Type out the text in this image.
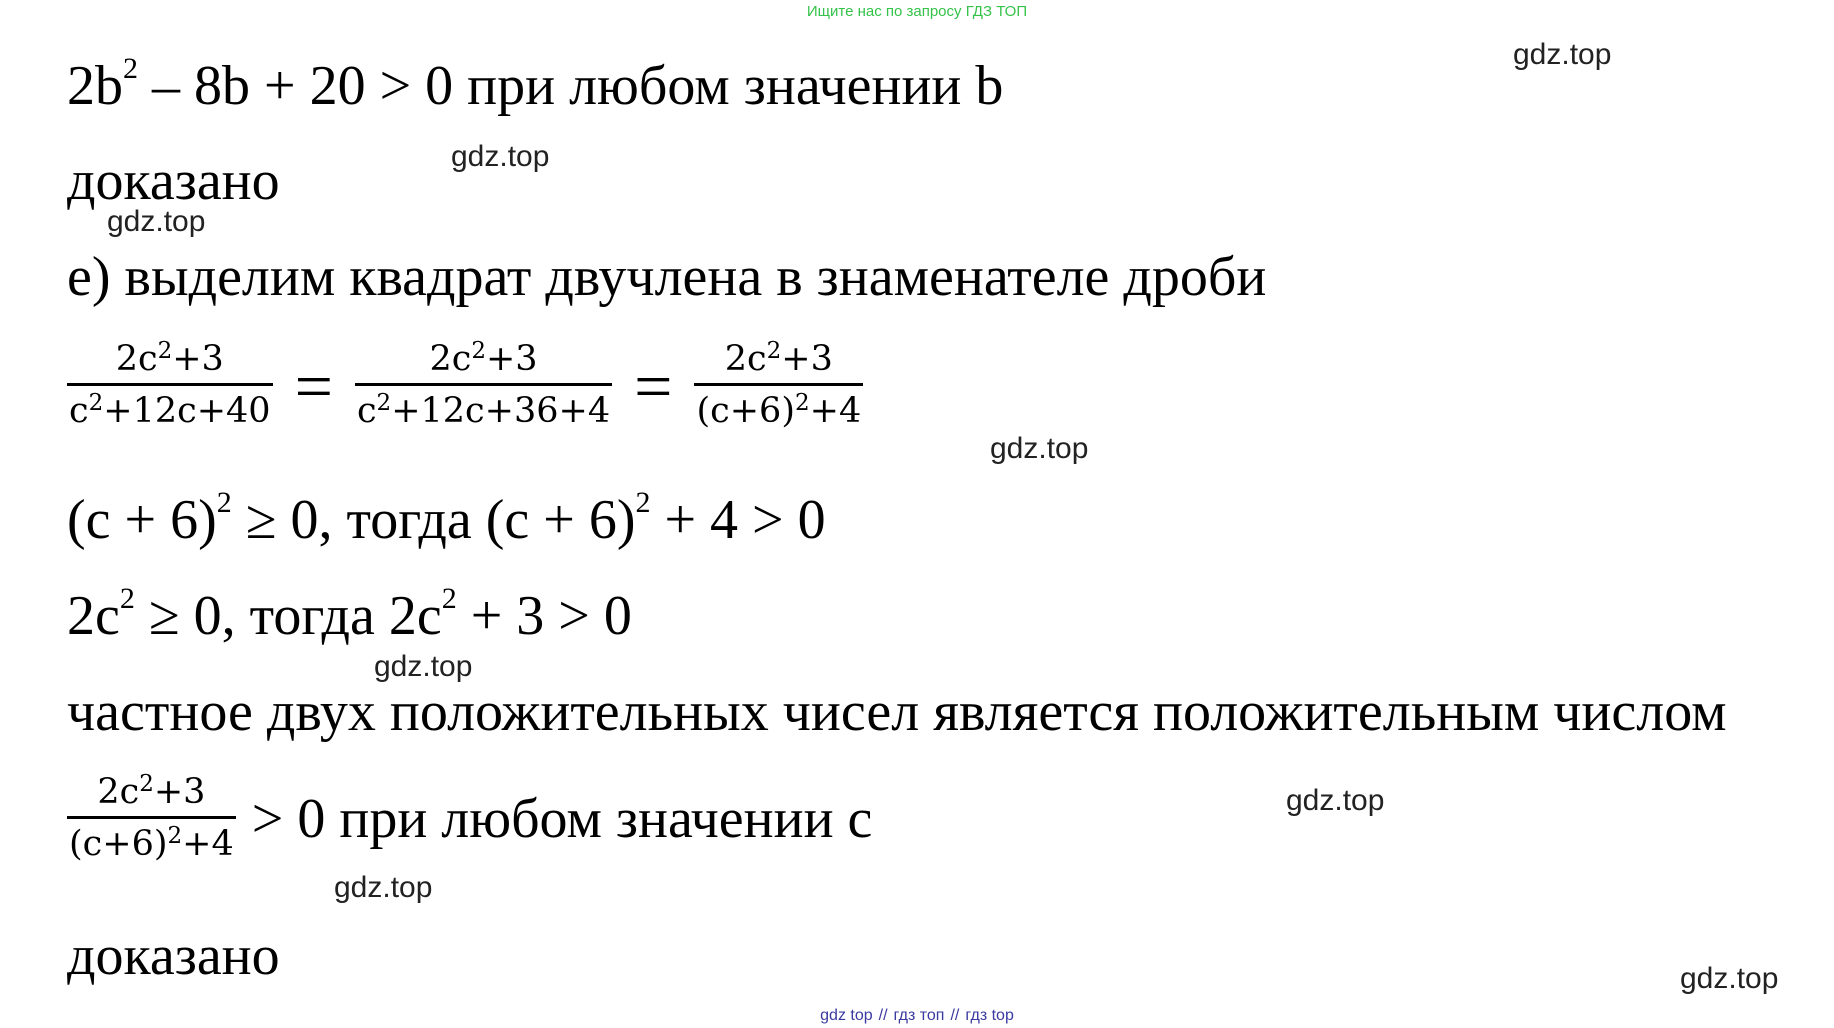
Ищите нас по запросу ГДЗ ТОП
$2b^2 - 8b + 20 > 0$ при любом значении b
доказано
е) выделим квадрат двучлена в знаменателе дроби
$\frac{2c^2+3}{c^2+12c+40} = \frac{2c^2+3}{c^2+12c+36+4} = \frac{2c^2+3}{(c+6)^2+4}$
$(c + 6)^2 \ge 0$, тогда $(c + 6)^2 + 4 > 0$
$2c^2 \ge 0$, тогда $2c^2 + 3 > 0$
частное двух положительных чисел является положительным числом
$\frac{2c^2+3}{(c+6)^2+4} > 0$ при любом значении с
доказано
gdz.top
gdz.top
gdz.top
gdz.top
gdz.top
gdz.top
gdz.top
gdz.top
gdz top // гдз топ // гдз top
